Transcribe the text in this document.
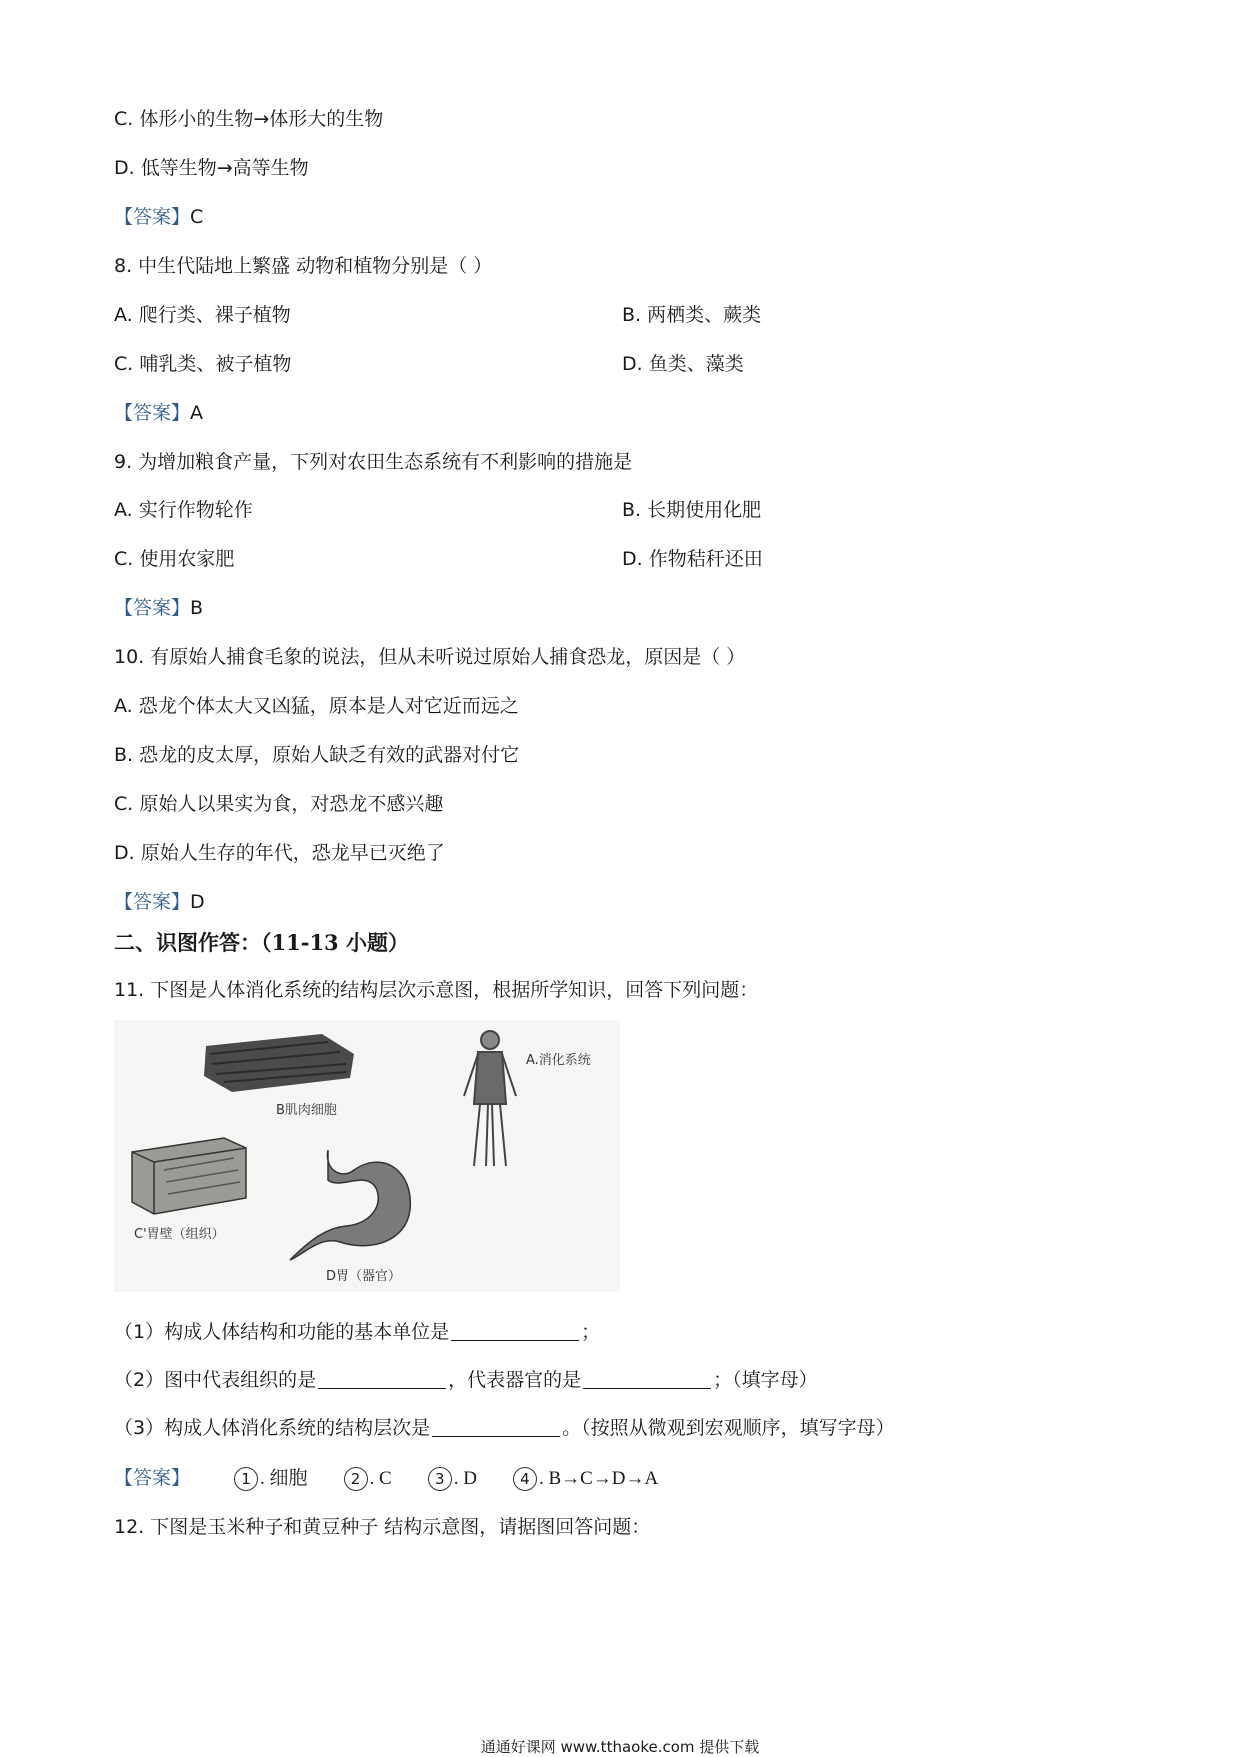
C. 体形小的生物→体形大的生物
D. 低等生物→高等生物
【答案】C
8. 中生代陆地上繁盛 动物和植物分别是（ ）
A. 爬行类、裸子植物	B. 两栖类、蕨类
C. 哺乳类、被子植物	D. 鱼类、藻类
【答案】A
9. 为增加粮食产量，下列对农田生态系统有不利影响的措施是
A. 实行作物轮作	B. 长期使用化肥
C. 使用农家肥	D. 作物秸秆还田
【答案】B
10. 有原始人捕食毛象的说法，但从未听说过原始人捕食恐龙，原因是（ ）
A. 恐龙个体太大又凶猛，原本是人对它近而远之
B. 恐龙的皮太厚，原始人缺乏有效的武器对付它
C. 原始人以果实为食，对恐龙不感兴趣
D. 原始人生存的年代，恐龙早已灭绝了
【答案】D
二、识图作答：（11-13 小题）
11. 下图是人体消化系统的结构层次示意图，根据所学知识，回答下列问题：
B肌肉细胞
A.消化系统
C'胃壁（组织）
D胃（器官）
（1）构成人体结构和功能的基本单位是	；
（2）图中代表组织的是	，代表器官的是	；（填字母）
（3）构成人体消化系统的结构层次是	。（按照从微观到宏观顺序，填写字母）
【答案】	1 . 细胞	2 . C	3 . D	4 . B→C→D→A
12. 下图是玉米种子和黄豆种子 结构示意图，请据图回答问题：
通通好课网 www.tthaoke.com 提供下载
